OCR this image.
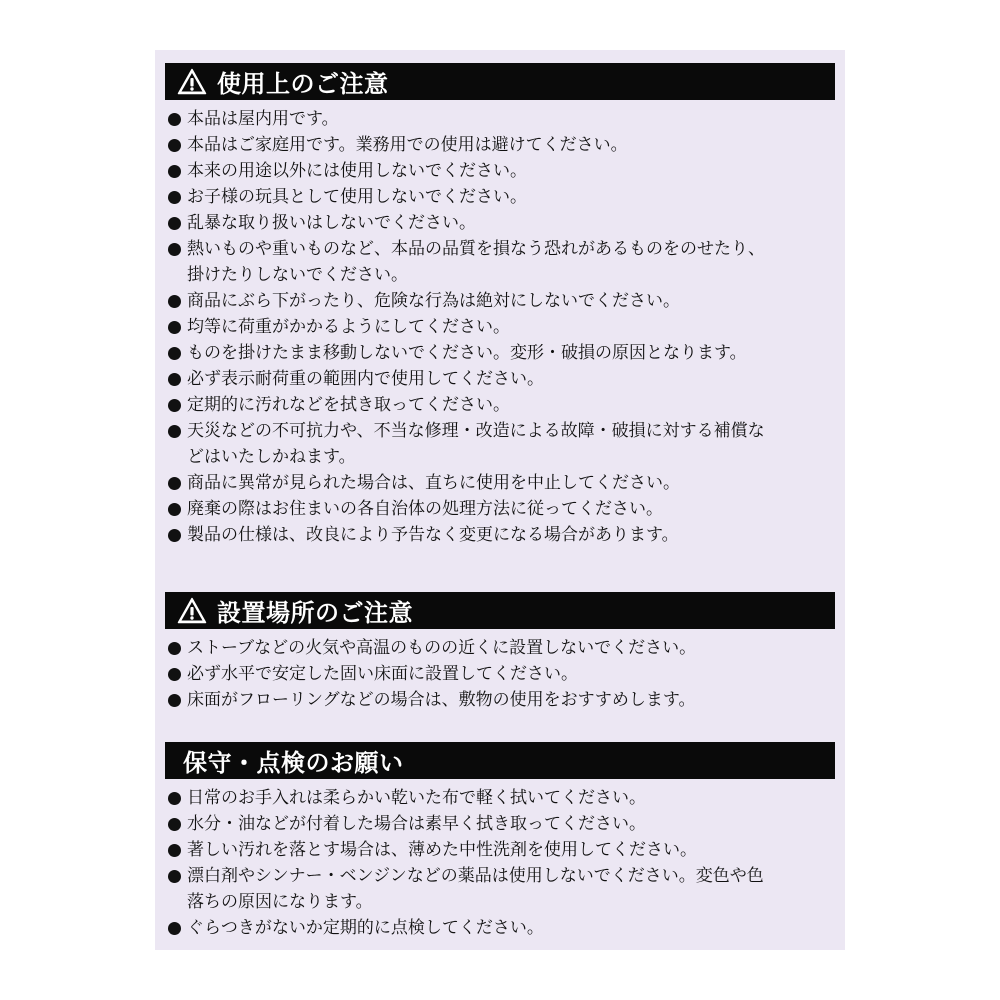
使用上のご注意
本品は屋内用です。
本品はご家庭用です。業務用での使用は避けてください。
本来の用途以外には使用しないでください。
お子様の玩具として使用しないでください。
乱暴な取り扱いはしないでください。
熱いものや重いものなど、本品の品質を損なう恐れがあるものをのせたり、
掛けたりしないでください。
商品にぶら下がったり、危険な行為は絶対にしないでください。
均等に荷重がかかるようにしてください。
ものを掛けたまま移動しないでください。変形・破損の原因となります。
必ず表示耐荷重の範囲内で使用してください。
定期的に汚れなどを拭き取ってください。
天災などの不可抗力や、不当な修理・改造による故障・破損に対する補償な
どはいたしかねます。
商品に異常が見られた場合は、直ちに使用を中止してください。
廃棄の際はお住まいの各自治体の処理方法に従ってください。
製品の仕様は、改良により予告なく変更になる場合があります。
設置場所のご注意
ストーブなどの火気や高温のものの近くに設置しないでください。
必ず水平で安定した固い床面に設置してください。
床面がフローリングなどの場合は、敷物の使用をおすすめします。
保守・点検のお願い
日常のお手入れは柔らかい乾いた布で軽く拭いてください。
水分・油などが付着した場合は素早く拭き取ってください。
著しい汚れを落とす場合は、薄めた中性洗剤を使用してください。
漂白剤やシンナー・ベンジンなどの薬品は使用しないでください。変色や色
落ちの原因になります。
ぐらつきがないか定期的に点検してください。
